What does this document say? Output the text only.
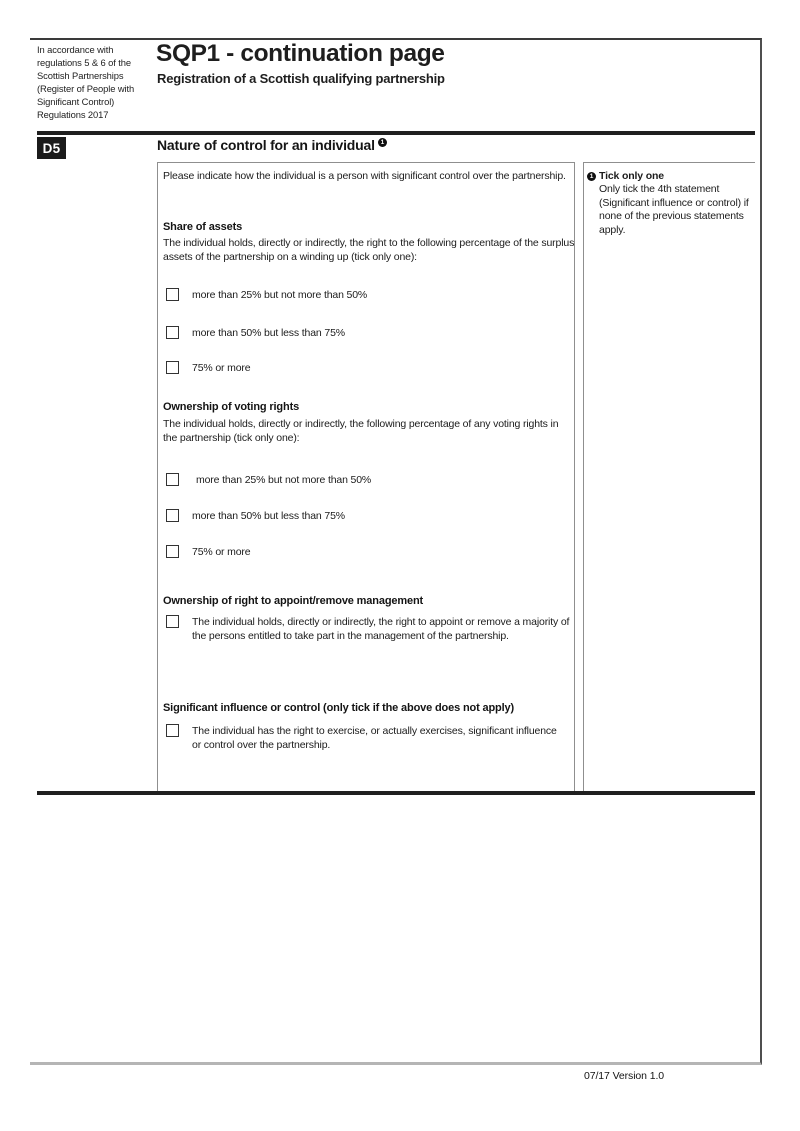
In accordance with regulations 5 & 6 of the Scottish Partnerships (Register of People with Significant Control) Regulations 2017
SQP1 - continuation page
Registration of a Scottish qualifying partnership
D5	Nature of control for an individual 1
Please indicate how the individual is a person with significant control over the partnership.
Share of assets
The individual holds, directly or indirectly, the right to the following percentage of the surplus assets of the partnership on a winding up (tick only one):
more than 25% but not more than 50%
more than 50% but less than 75%
75% or more
Ownership of voting rights
The individual holds, directly or indirectly, the following percentage of any voting rights in the partnership (tick only one):
more than 25% but not more than 50%
more than 50% but less than 75%
75% or more
Ownership of right to appoint/remove management
The individual holds, directly or indirectly, the right to appoint or remove a majority of the persons entitled to take part in the management of the partnership.
Significant influence or control (only tick if the above does not apply)
The individual has the right to exercise, or actually exercises, significant influence or control over the partnership.
1 Tick only one
Only tick the 4th statement (Significant influence or control) if none of the previous statements apply.
07/17 Version 1.0
